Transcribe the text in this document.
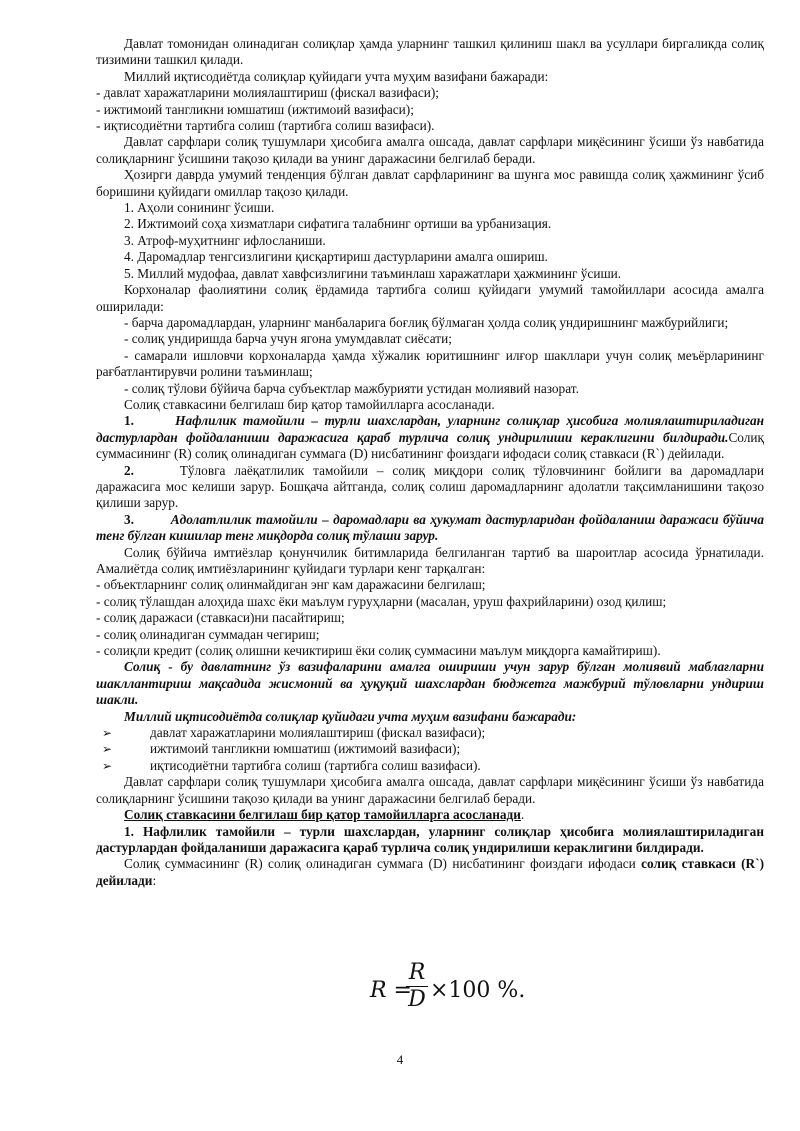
Давлат томонидан олинадиган солиқлар ҳамда уларнинг ташкил қилиниш шакл ва усуллари биргаликда солиқ тизимини ташкил қилади.

Миллий иқтисодиётда солиқлар қуйидаги учта муҳим вазифани бажаради:

- давлат харажатларини молиялаштириш (фискал вазифаси);

- ижтимоий тангликни юмшатиш (ижтимоий вазифаси);

- иқтисодиётни тартибга солиш (тартибга солиш вазифаси).

Давлат сарфлари солиқ тушумлари ҳисобига амалга ошсада, давлат сарфлари миқёсининг ўсиши ўз навбатида солиқларнинг ўсишини тақозо қилади ва унинг даражасини белгилаб беради.

Ҳозирги даврда умумий тенденция бўлган давлат сарфларининг ва шунга мос равишда солиқ ҳажмининг ўсиб боришини қуйидаги омиллар тақозо қилади.

1. Аҳоли сонининг ўсиши.

2. Ижтимоий соҳа хизматлари сифатига талабнинг ортиши ва урбанизация.

3. Атроф-муҳитнинг ифлосланиши.

4. Даромадлар тенгсизлигини қисқартириш дастурларини амалга ошириш.

5. Миллий мудофаа, давлат хавфсизлигини таъминлаш харажатлари ҳажмининг ўсиши.

Корхоналар фаолиятини солиқ ёрдамида тартибга солиш қуйидаги умумий тамойиллари асосида амалга оширилади:

- барча даромадлардан, уларнинг манбаларига боғлиқ бўлмаган ҳолда солиқ ундиришнинг мажбурийлиги;

- солиқ ундиришда барча учун ягона умумдавлат сиёсати;

- самарали ишловчи корхоналарда ҳамда хўжалик юритишнинг илғор шакллари учун солиқ меъёрларининг рағбатлантирувчи ролини таъминлаш;

- солиқ тўлови бўйича барча субъектлар мажбурияти устидан молиявий назорат.

Солиқ ставкасини белгилаш бир қатор тамойилларга асосланади.

1.	Нафлилик тамойили – турли шахслардан, уларнинг солиқлар ҳисобига молиялаштириладиган дастурлардан фойдаланиши даражасига қараб турлича солиқ ундирилиши кераклигини билдиради.Солиқ суммасининг (R) солиқ олинадиган суммага (D) нисбатининг фоиздаги ифодаси солиқ ставкаси (R`) дейилади.

2.	Тўловга лаёқатлилик тамойили – солиқ миқдори солиқ тўловчининг бойлиги ва даромадлари даражасига мос келиши зарур. Бошқача айтганда, солиқ солиш даромадларнинг адолатли тақсимланишини тақозо қилиши зарур.

3.	Адолатлилик тамойили – даромадлари ва ҳукумат дастурларидан фойдаланиш даражаси бўйича тенг бўлган кишилар тенг миқдорда солиқ тўлаши зарур.

Солиқ бўйича имтиёзлар қонунчилик битимларида белгиланган тартиб ва шароитлар асосида ўрнатилади. Амалиётда солиқ имтиёзларининг қуйидаги турлари кенг тарқалган:

- объектларнинг солиқ олинмайдиган энг кам даражасини белгилаш;

- солиқ тўлашдан алоҳида шахс ёки маълум гуруҳларни (масалан, уруш фахрийларини) озод қилиш;

- солиқ даражаси (ставкаси)ни пасайтириш;

- солиқ олинадиган суммадан чегириш;

- солиқли кредит (солиқ олишни кечиктириш ёки солиқ суммасини маълум миқдорга камайтириш).

Солиқ - бу давлатнинг ўз вазифаларини амалга ошириши учун зарур бўлган молиявий маблағларни шакллантириш мақсадида жисмоний ва ҳуқуқий шахслардан бюджетга мажбурий тўловларни ундириш шакли.

Миллий иқтисодиётда солиқлар қуйидаги учта муҳим вазифани бажаради:

➢	давлат харажатларини молиялаштириш (фискал вазифаси);
➢	ижтимоий тангликни юмшатиш (ижтимоий вазифаси);
➢	иқтисодиётни тартибга солиш (тартибга солиш вазифаси).

Давлат сарфлари солиқ тушумлари ҳисобига амалга ошсада, давлат сарфлари миқёсининг ўсиши ўз навбатида солиқларнинг ўсишини тақозо қилади ва унинг даражасини белгилаб беради.

Солиқ ставкасини белгилаш бир қатор тамойилларга асосланади.

1. Нафлилик тамойили – турли шахслардан, уларнинг солиқлар ҳисобига молиялаштириладиган дастурлардан фойдаланиши даражасига қараб турлича солиқ ундирилиши кераклигини билдиради.

Солиқ суммасининг (R) солиқ олинадиган суммага (D) нисбатининг фоиздаги ифодаси солиқ ставкаси (R`) дейилади:

R =
R
D ×100 %.
4
